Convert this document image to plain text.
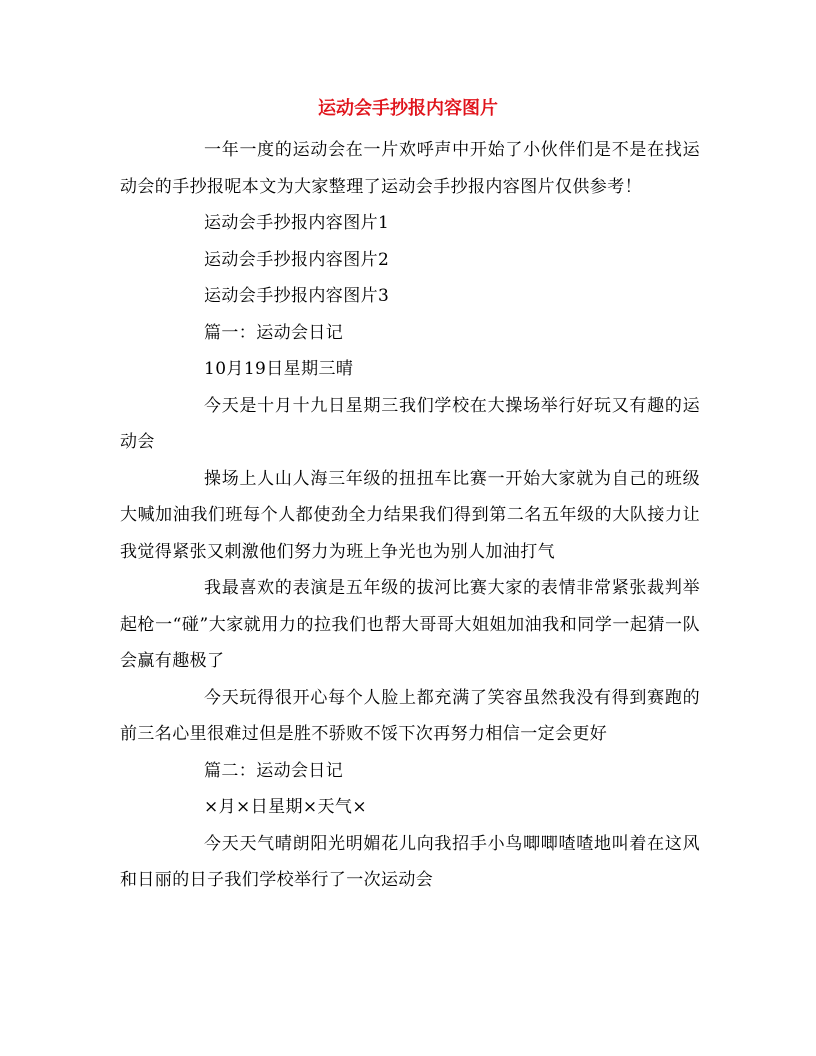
运动会手抄报内容图片

一年一度的运动会在一片欢呼声中开始了小伙伴们是不是在找运动会的手抄报呢本文为大家整理了运动会手抄报内容图片仅供参考！

运动会手抄报内容图片1

运动会手抄报内容图片2

运动会手抄报内容图片3

篇一：运动会日记

10月19日星期三晴

今天是十月十九日星期三我们学校在大操场举行好玩又有趣的运动会

操场上人山人海三年级的扭扭车比赛一开始大家就为自己的班级大喊加油我们班每个人都使劲全力结果我们得到第二名五年级的大队接力让我觉得紧张又刺激他们努力为班上争光也为别人加油打气

我最喜欢的表演是五年级的拔河比赛大家的表情非常紧张裁判举起枪一“碰”大家就用力的拉我们也帮大哥哥大姐姐加油我和同学一起猜一队会赢有趣极了

今天玩得很开心每个人脸上都充满了笑容虽然我没有得到赛跑的前三名心里很难过但是胜不骄败不馁下次再努力相信一定会更好

篇二：运动会日记

×月×日星期×天气×

今天天气晴朗阳光明媚花儿向我招手小鸟唧唧喳喳地叫着在这风和日丽的日子我们学校举行了一次运动会
